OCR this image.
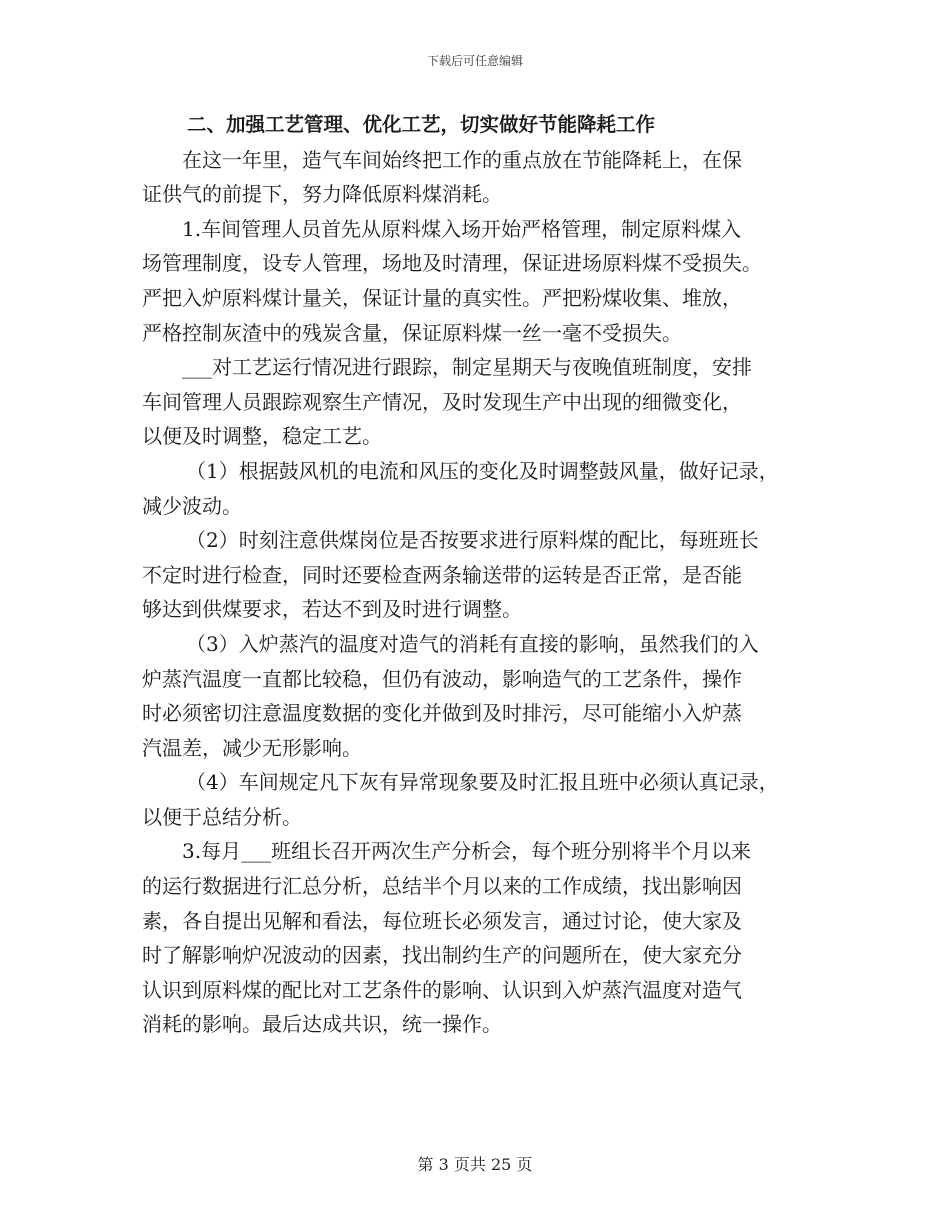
下载后可任意编辑
二、加强工艺管理、优化工艺，切实做好节能降耗工作
在这一年里，造气车间始终把工作的重点放在节能降耗上，在保
证供气的前提下，努力降低原料煤消耗。
1.车间管理人员首先从原料煤入场开始严格管理，制定原料煤入
场管理制度，设专人管理，场地及时清理，保证进场原料煤不受损失。
严把入炉原料煤计量关，保证计量的真实性。严把粉煤收集、堆放，
严格控制灰渣中的残炭含量，保证原料煤一丝一毫不受损失。
___对工艺运行情况进行跟踪，制定星期天与夜晚值班制度，安排
车间管理人员跟踪观察生产情况，及时发现生产中出现的细微变化，
以便及时调整，稳定工艺。
（1）根据鼓风机的电流和风压的变化及时调整鼓风量，做好记录，
减少波动。
（2）时刻注意供煤岗位是否按要求进行原料煤的配比，每班班长
不定时进行检查，同时还要检查两条输送带的运转是否正常，是否能
够达到供煤要求，若达不到及时进行调整。
（3）入炉蒸汽的温度对造气的消耗有直接的影响，虽然我们的入
炉蒸汽温度一直都比较稳，但仍有波动，影响造气的工艺条件，操作
时必须密切注意温度数据的变化并做到及时排污，尽可能缩小入炉蒸
汽温差，减少无形影响。
（4）车间规定凡下灰有异常现象要及时汇报且班中必须认真记录，
以便于总结分析。
3.每月___班组长召开两次生产分析会，每个班分别将半个月以来
的运行数据进行汇总分析，总结半个月以来的工作成绩，找出影响因
素，各自提出见解和看法，每位班长必须发言，通过讨论，使大家及
时了解影响炉况波动的因素，找出制约生产的问题所在，使大家充分
认识到原料煤的配比对工艺条件的影响、认识到入炉蒸汽温度对造气
消耗的影响。最后达成共识，统一操作。
第 3 页共 25 页
